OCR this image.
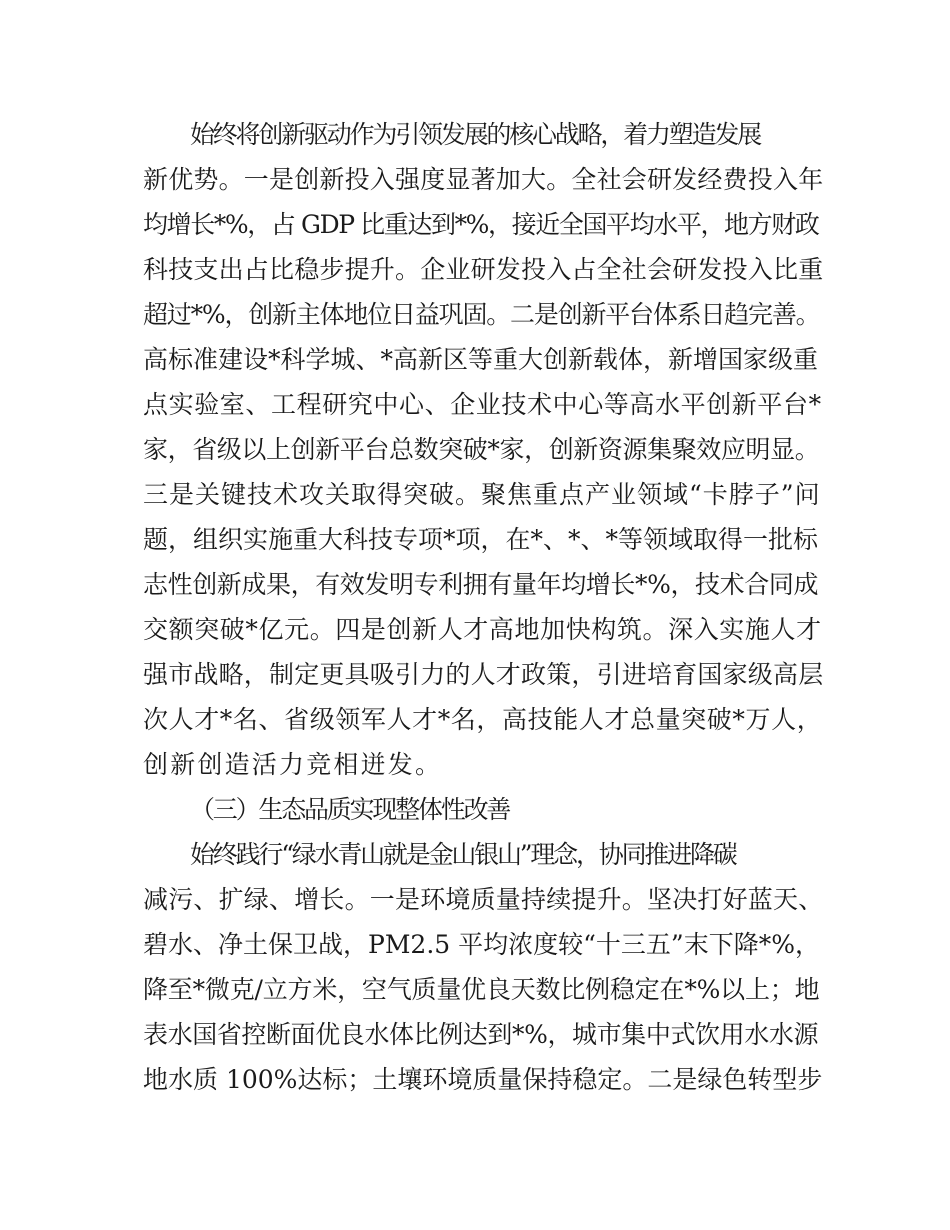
始终将创新驱动作为引领发展的核心战略，着力塑造发展
新优势。一是创新投入强度显著加大。全社会研发经费投入年
均增长*%，占 GDP 比重达到*%，接近全国平均水平，地方财政
科技支出占比稳步提升。企业研发投入占全社会研发投入比重
超过*%，创新主体地位日益巩固。二是创新平台体系日趋完善。
高标准建设*科学城、*高新区等重大创新载体，新增国家级重
点实验室、工程研究中心、企业技术中心等高水平创新平台*
家，省级以上创新平台总数突破*家，创新资源集聚效应明显。
三是关键技术攻关取得突破。聚焦重点产业领域“卡脖子”问
题，组织实施重大科技专项*项，在*、*、*等领域取得一批标
志性创新成果，有效发明专利拥有量年均增长*%，技术合同成
交额突破*亿元。四是创新人才高地加快构筑。深入实施人才
强市战略，制定更具吸引力的人才政策，引进培育国家级高层
次人才*名、省级领军人才*名，高技能人才总量突破*万人，
创新创造活力竞相迸发。
（三）生态品质实现整体性改善
始终践行“绿水青山就是金山银山”理念，协同推进降碳
减污、扩绿、增长。一是环境质量持续提升。坚决打好蓝天、
碧水、净土保卫战，PM2.5 平均浓度较“十三五”末下降*%，
降至*微克/立方米，空气质量优良天数比例稳定在*%以上；地
表水国省控断面优良水体比例达到*%，城市集中式饮用水水源
地水质 100%达标；土壤环境质量保持稳定。二是绿色转型步
